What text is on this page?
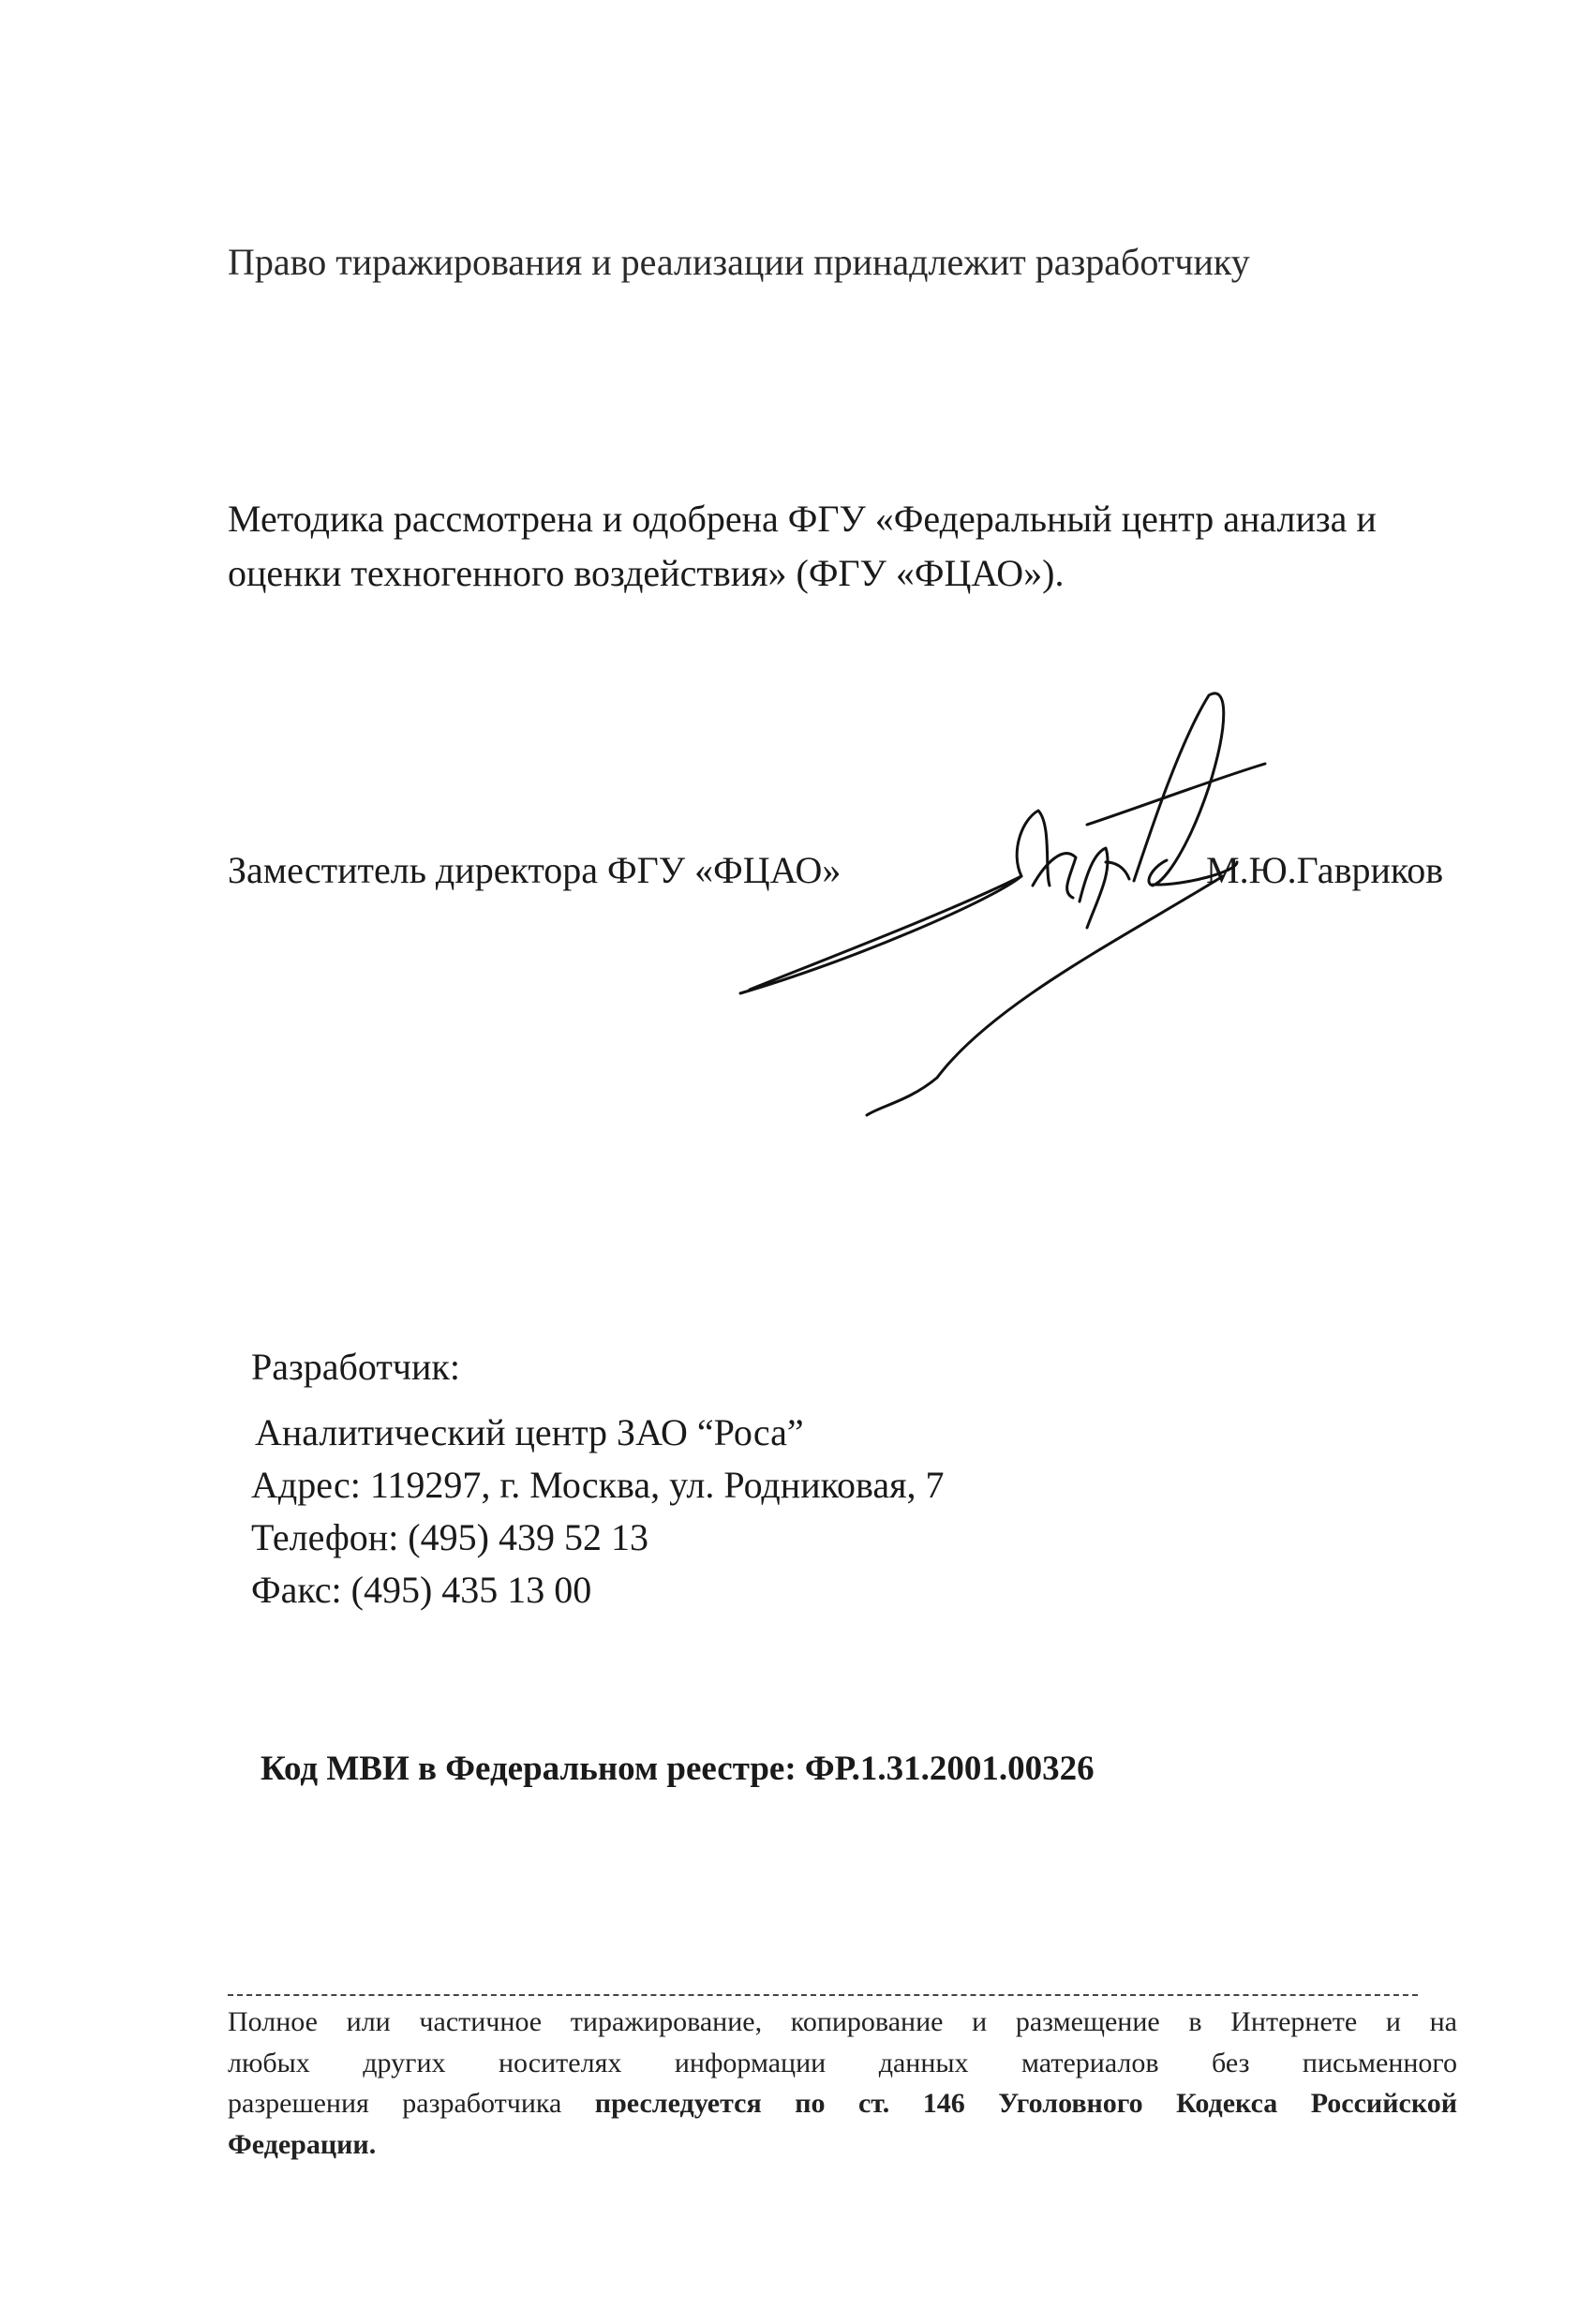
Право тиражирования и реализации принадлежит разработчику
Методика рассмотрена и одобрена ФГУ «Федеральный центр анализа и
оценки техногенного воздействия» (ФГУ «ФЦАО»).
Заместитель директора ФГУ «ФЦАО»	М.Ю.Гавриков
Разработчик:
Аналитический центр ЗАО “Роса”
Адрес: 119297, г. Москва, ул. Родниковая, 7
Телефон: (495) 439 52 13
Факс: (495) 435 13 00
Код МВИ в Федеральном реестре: ФР.1.31.2001.00326
Полное или частичное тиражирование, копирование и размещение в Интернете и на
любых других носителях информации данных материалов без письменного
разрешения разработчика преследуется по ст. 146 Уголовного Кодекса Российской
Федерации.
